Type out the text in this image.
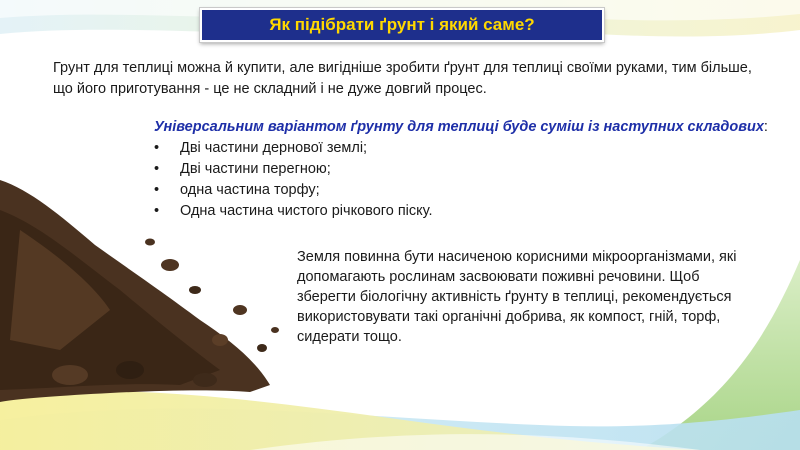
Як підібрати ґрунт і який саме?
Грунт для теплиці можна й купити, але вигідніше зробити ґрунт для теплиці своїми руками, тим більше, що його приготування - це не складний і не дуже довгий процес.
Універсальним варіантом ґрунту для теплиці буде суміш із наступних складових:
• Дві частини дернової землі;
• Дві частини перегною;
• одна частина торфу;
• Одна частина чистого річкового піску.
Земля повинна бути насиченою корисними мікроорганізмами, які допомагають рослинам засвоювати поживні речовини. Щоб зберегти біологічну активність ґрунту в теплиці, рекомендується використовувати такі органічні добрива, як компост, гній, торф, сидерати тощо.
